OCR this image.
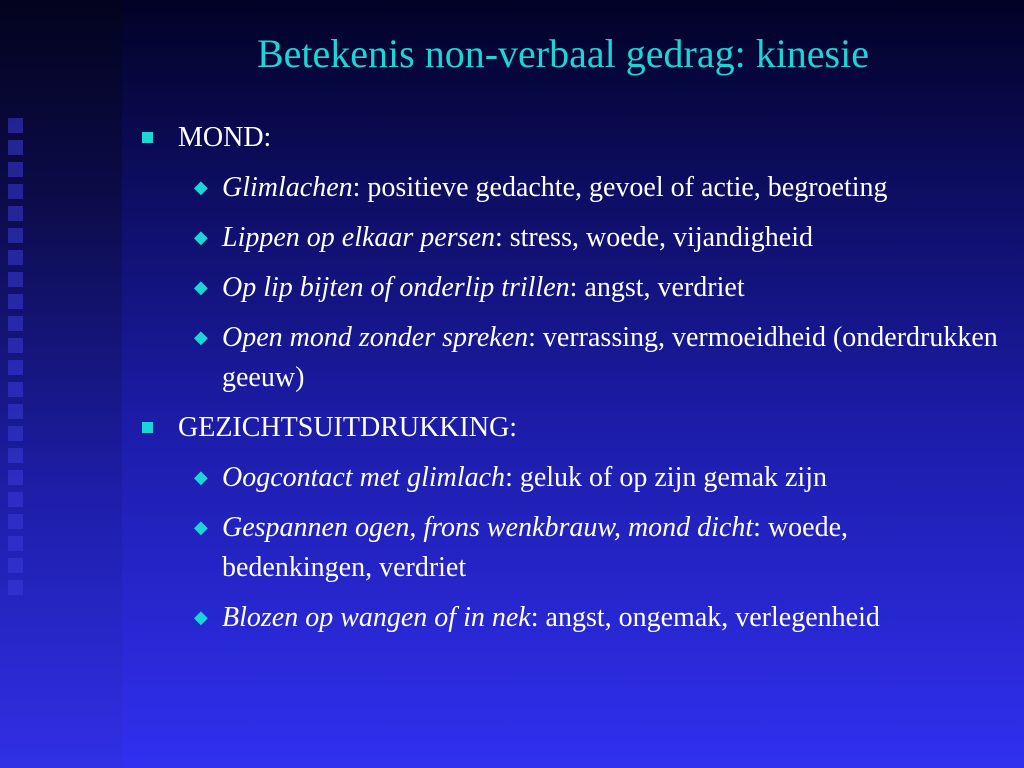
Betekenis non-verbaal gedrag: kinesie
MOND:
◆ Glimlachen: positieve gedachte, gevoel of actie, begroeting
◆ Lippen op elkaar persen: stress, woede, vijandigheid
◆ Op lip bijten of onderlip trillen: angst, verdriet
◆ Open mond zonder spreken: verrassing, vermoeidheid (onderdrukken geeuw)
GEZICHTSUITDRUKKING:
◆ Oogcontact met glimlach: geluk of op zijn gemak zijn
◆ Gespannen ogen, frons wenkbrauw, mond dicht: woede, bedenkingen, verdriet
◆ Blozen op wangen of in nek: angst, ongemak, verlegenheid
